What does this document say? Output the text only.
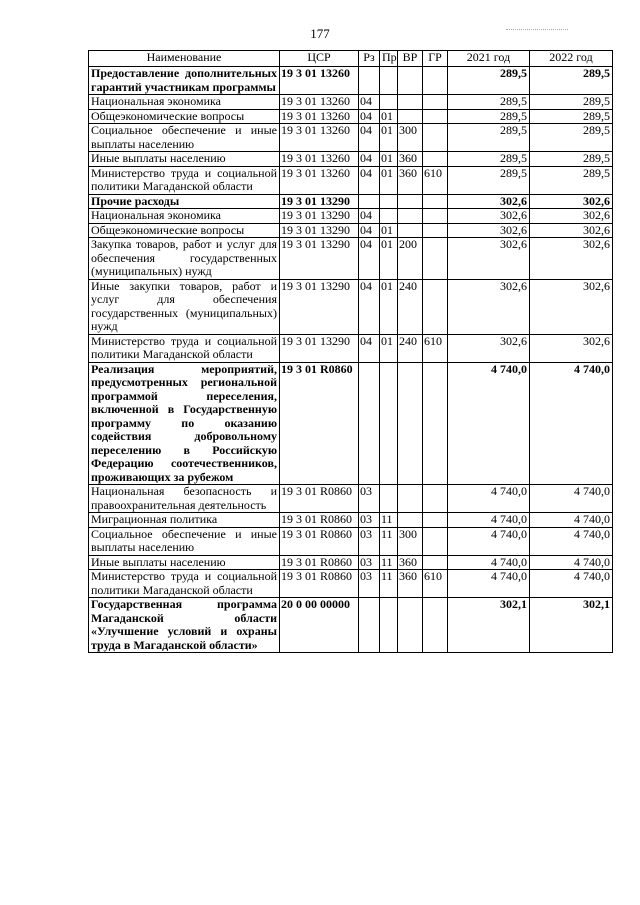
177
Наименование	ЦСР	Рз	Пр	ВР	ГР	2021 год	2022 год
Предоставление дополнительных гарантий участникам программы	19 3 01 13260					289,5	289,5
Национальная экономика	19 3 01 13260	04				289,5	289,5
Общеэкономические вопросы	19 3 01 13260	04	01			289,5	289,5
Социальное обеспечение и иные выплаты населению	19 3 01 13260	04	01	300		289,5	289,5
Иные выплаты населению	19 3 01 13260	04	01	360		289,5	289,5
Министерство труда и социальной политики Магаданской области	19 3 01 13260	04	01	360	610	289,5	289,5
Прочие расходы	19 3 01 13290					302,6	302,6
Национальная экономика	19 3 01 13290	04				302,6	302,6
Общеэкономические вопросы	19 3 01 13290	04	01			302,6	302,6
Закупка товаров, работ и услуг для обеспечения государственных (муниципальных) нужд	19 3 01 13290	04	01	200		302,6	302,6
Иные закупки товаров, работ и услуг для обеспечения государственных (муниципальных) нужд	19 3 01 13290	04	01	240		302,6	302,6
Министерство труда и социальной политики Магаданской области	19 3 01 13290	04	01	240	610	302,6	302,6
Реализация мероприятий, предусмотренных региональной программой переселения, включенной в Государственную программу по оказанию содействия добровольному переселению в Российскую Федерацию соотечественников, проживающих за рубежом	19 3 01 R0860					4 740,0	4 740,0
Национальная безопасность и правоохранительная деятельность	19 3 01 R0860	03				4 740,0	4 740,0
Миграционная политика	19 3 01 R0860	03	11			4 740,0	4 740,0
Социальное обеспечение и иные выплаты населению	19 3 01 R0860	03	11	300		4 740,0	4 740,0
Иные выплаты населению	19 3 01 R0860	03	11	360		4 740,0	4 740,0
Министерство труда и социальной политики Магаданской области	19 3 01 R0860	03	11	360	610	4 740,0	4 740,0
Государственная программа Магаданской области «Улучшение условий и охраны труда в Магаданской области»	20 0 00 00000					302,1	302,1
